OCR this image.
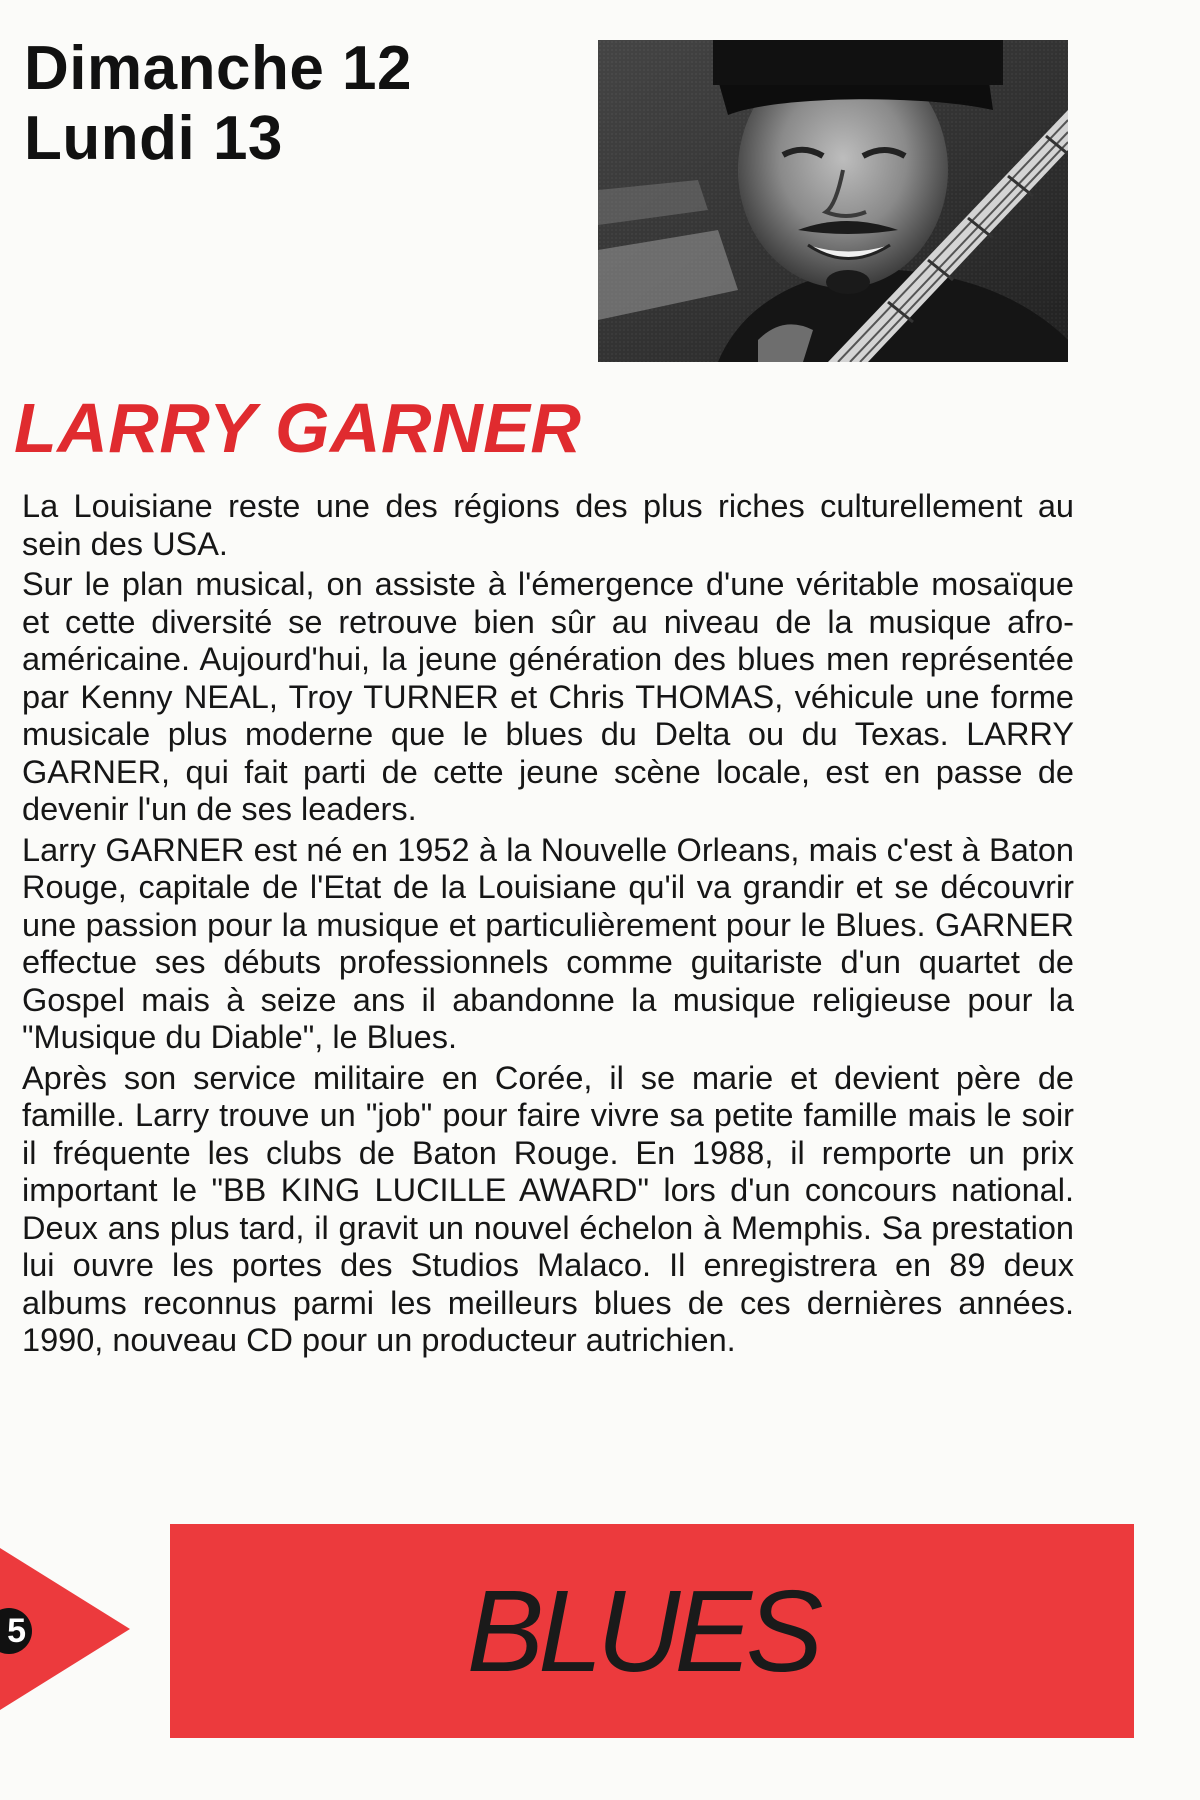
Dimanche 12
Lundi 13
LARRY GARNER

La Louisiane reste une des régions des plus riches culturellement au sein des USA.

Sur le plan musical, on assiste à l'émergence d'une véritable mosaïque et cette diversité se retrouve bien sûr au niveau de la musique afro-américaine. Aujourd'hui, la jeune génération des blues men représentée par Kenny NEAL, Troy TURNER et Chris THOMAS, véhicule une forme musicale plus moderne que le blues du Delta ou du Texas. LARRY GARNER, qui fait parti de cette jeune scène locale, est en passe de devenir l'un de ses leaders.

Larry GARNER est né en 1952 à la Nouvelle Orleans, mais c'est à Baton Rouge, capitale de l'Etat de la Louisiane qu'il va grandir et se découvrir une passion pour la musique et particulièrement pour le Blues. GARNER effectue ses débuts professionnels comme guitariste d'un quartet de Gospel mais à seize ans il abandonne la musique religieuse pour la "Musique du Diable", le Blues.

Après son service militaire en Corée, il se marie et devient père de famille. Larry trouve un "job" pour faire vivre sa petite famille mais le soir il fréquente les clubs de Baton Rouge. En 1988, il remporte un prix important le "BB KING LUCILLE AWARD" lors d'un concours national. Deux ans plus tard, il gravit un nouvel échelon à Memphis. Sa prestation lui ouvre les portes des Studios Malaco. Il enregistrera en 89 deux albums reconnus parmi les meilleurs blues de ces dernières années. 1990, nouveau CD pour un producteur autrichien.

5	BLUES
